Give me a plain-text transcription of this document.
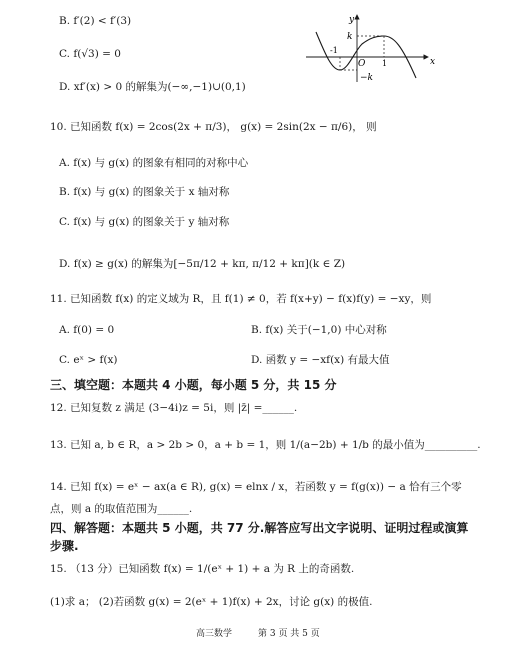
B. f′(2) < f′(3)
C. f(√3) = 0
D. xf′(x) > 0 的解集为(−∞,−1)∪(0,1)
y
x
k
−k
O
-1
1
10. 已知函数 f(x) = 2cos(2x + π/3)， g(x) = 2sin(2x − π/6)， 则
A. f(x) 与 g(x) 的图象有相同的对称中心
B. f(x) 与 g(x) 的图象关于 x 轴对称
C. f(x) 与 g(x) 的图象关于 y 轴对称
D. f(x) ≥ g(x) 的解集为[−5π/12 + kπ, π/12 + kπ](k ∈ Z)
11. 已知函数 f(x) 的定义域为 R，且 f(1) ≠ 0，若 f(x+y) − f(x)f(y) = −xy，则
A. f(0) = 0	B. f(x) 关于(−1,0) 中心对称
C. eˣ > f(x)	D. 函数 y = −xf(x) 有最大值
三、填空题：本题共 4 小题，每小题 5 分，共 15 分
12. 已知复数 z 满足 (3−4i)z = 5i，则 |z̄| =______.
13. 已知 a, b ∈ R，a > 2b > 0，a + b = 1，则 1/(a−2b) + 1/b 的最小值为__________.
14. 已知 f(x) = eˣ − ax(a ∈ R), g(x) = elnx / x，若函数 y = f(g(x)) − a 恰有三个零
点，则 a 的取值范围为______.
四、解答题：本题共 5 小题，共 77 分.解答应写出文字说明、证明过程或演算
步骤.
15. （13 分）已知函数 f(x) = 1/(eˣ + 1) + a 为 R 上的奇函数.
(1)求 a； (2)若函数 g(x) = 2(eˣ + 1)f(x) + 2x，讨论 g(x) 的极值.
高三数学	第 3 页 共 5 页
